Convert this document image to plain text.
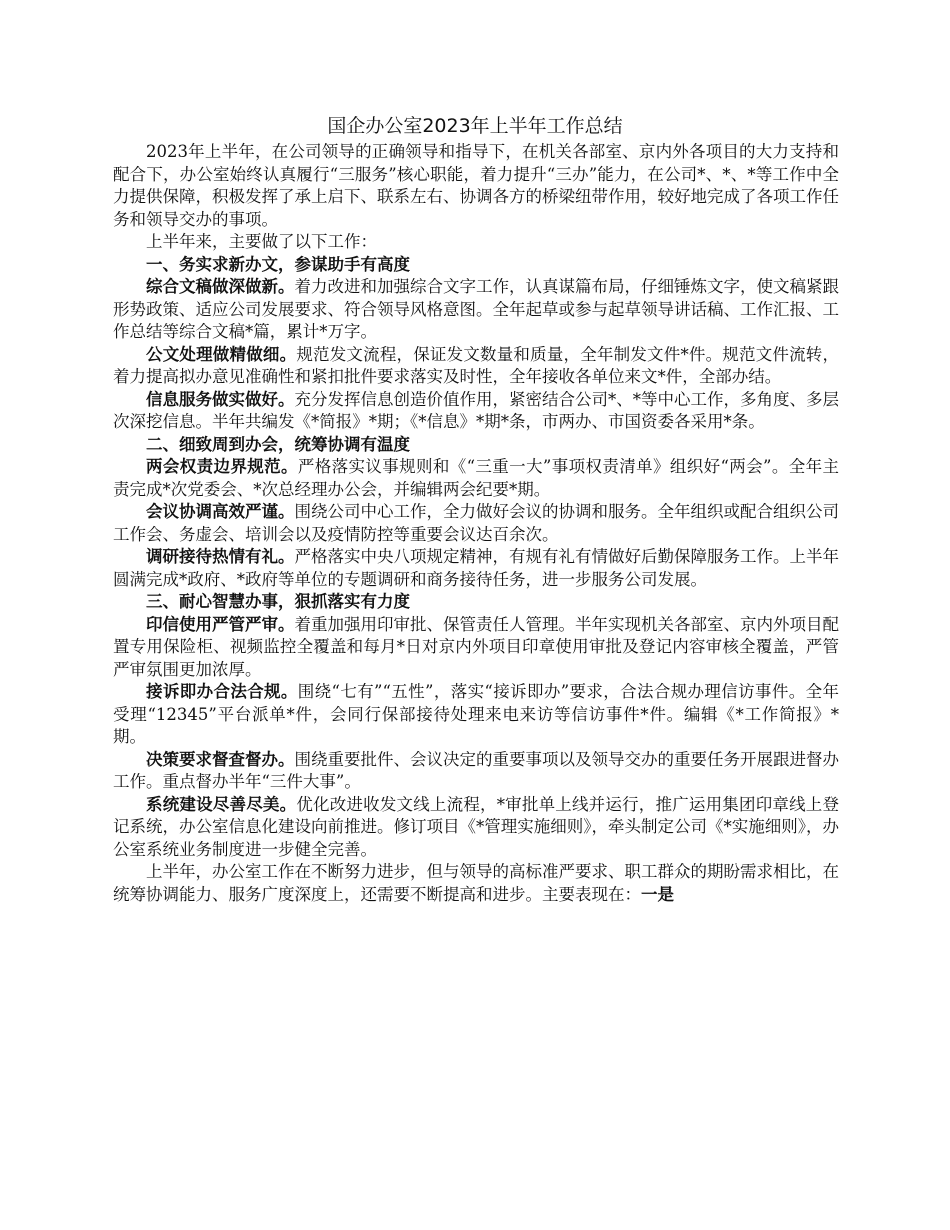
国企办公室2023年上半年工作总结

2023年上半年，在公司领导的正确领导和指导下，在机关各部室、京内外各项目的大力支持和配合下，办公室始终认真履行“三服务”核心职能，着力提升“三办”能力，在公司*、*、*等工作中全力提供保障，积极发挥了承上启下、联系左右、协调各方的桥梁纽带作用，较好地完成了各项工作任务和领导交办的事项。

上半年来，主要做了以下工作：

一、务实求新办文，参谋助手有高度

综合文稿做深做新。着力改进和加强综合文字工作，认真谋篇布局，仔细锤炼文字，使文稿紧跟形势政策、适应公司发展要求、符合领导风格意图。全年起草或参与起草领导讲话稿、工作汇报、工作总结等综合文稿*篇，累计*万字。

公文处理做精做细。规范发文流程，保证发文数量和质量，全年制发文件*件。规范文件流转，着力提高拟办意见准确性和紧扣批件要求落实及时性，全年接收各单位来文*件，全部办结。

信息服务做实做好。充分发挥信息创造价值作用，紧密结合公司*、*等中心工作，多角度、多层次深挖信息。半年共编发《*简报》*期；《*信息》*期*条，市两办、市国资委各采用*条。

二、细致周到办会，统筹协调有温度

两会权责边界规范。严格落实议事规则和《“三重一大”事项权责清单》组织好“两会”。全年主责完成*次党委会、*次总经理办公会，并编辑两会纪要*期。

会议协调高效严谨。围绕公司中心工作，全力做好会议的协调和服务。全年组织或配合组织公司工作会、务虚会、培训会以及疫情防控等重要会议达百余次。

调研接待热情有礼。严格落实中央八项规定精神，有规有礼有情做好后勤保障服务工作。上半年圆满完成*政府、*政府等单位的专题调研和商务接待任务，进一步服务公司发展。

三、耐心智慧办事，狠抓落实有力度

印信使用严管严审。着重加强用印审批、保管责任人管理。半年实现机关各部室、京内外项目配置专用保险柜、视频监控全覆盖和每月*日对京内外项目印章使用审批及登记内容审核全覆盖，严管严审氛围更加浓厚。

接诉即办合法合规。围绕“七有”“五性”，落实“接诉即办”要求，合法合规办理信访事件。全年受理“12345”平台派单*件，会同行保部接待处理来电来访等信访事件*件。编辑《*工作简报》*期。

决策要求督查督办。围绕重要批件、会议决定的重要事项以及领导交办的重要任务开展跟进督办工作。重点督办半年“三件大事”。

系统建设尽善尽美。优化改进收发文线上流程，*审批单上线并运行，推广运用集团印章线上登记系统，办公室信息化建设向前推进。修订项目《*管理实施细则》，牵头制定公司《*实施细则》，办公室系统业务制度进一步健全完善。

上半年，办公室工作在不断努力进步，但与领导的高标准严要求、职工群众的期盼需求相比，在统筹协调能力、服务广度深度上，还需要不断提高和进步。主要表现在：一是
